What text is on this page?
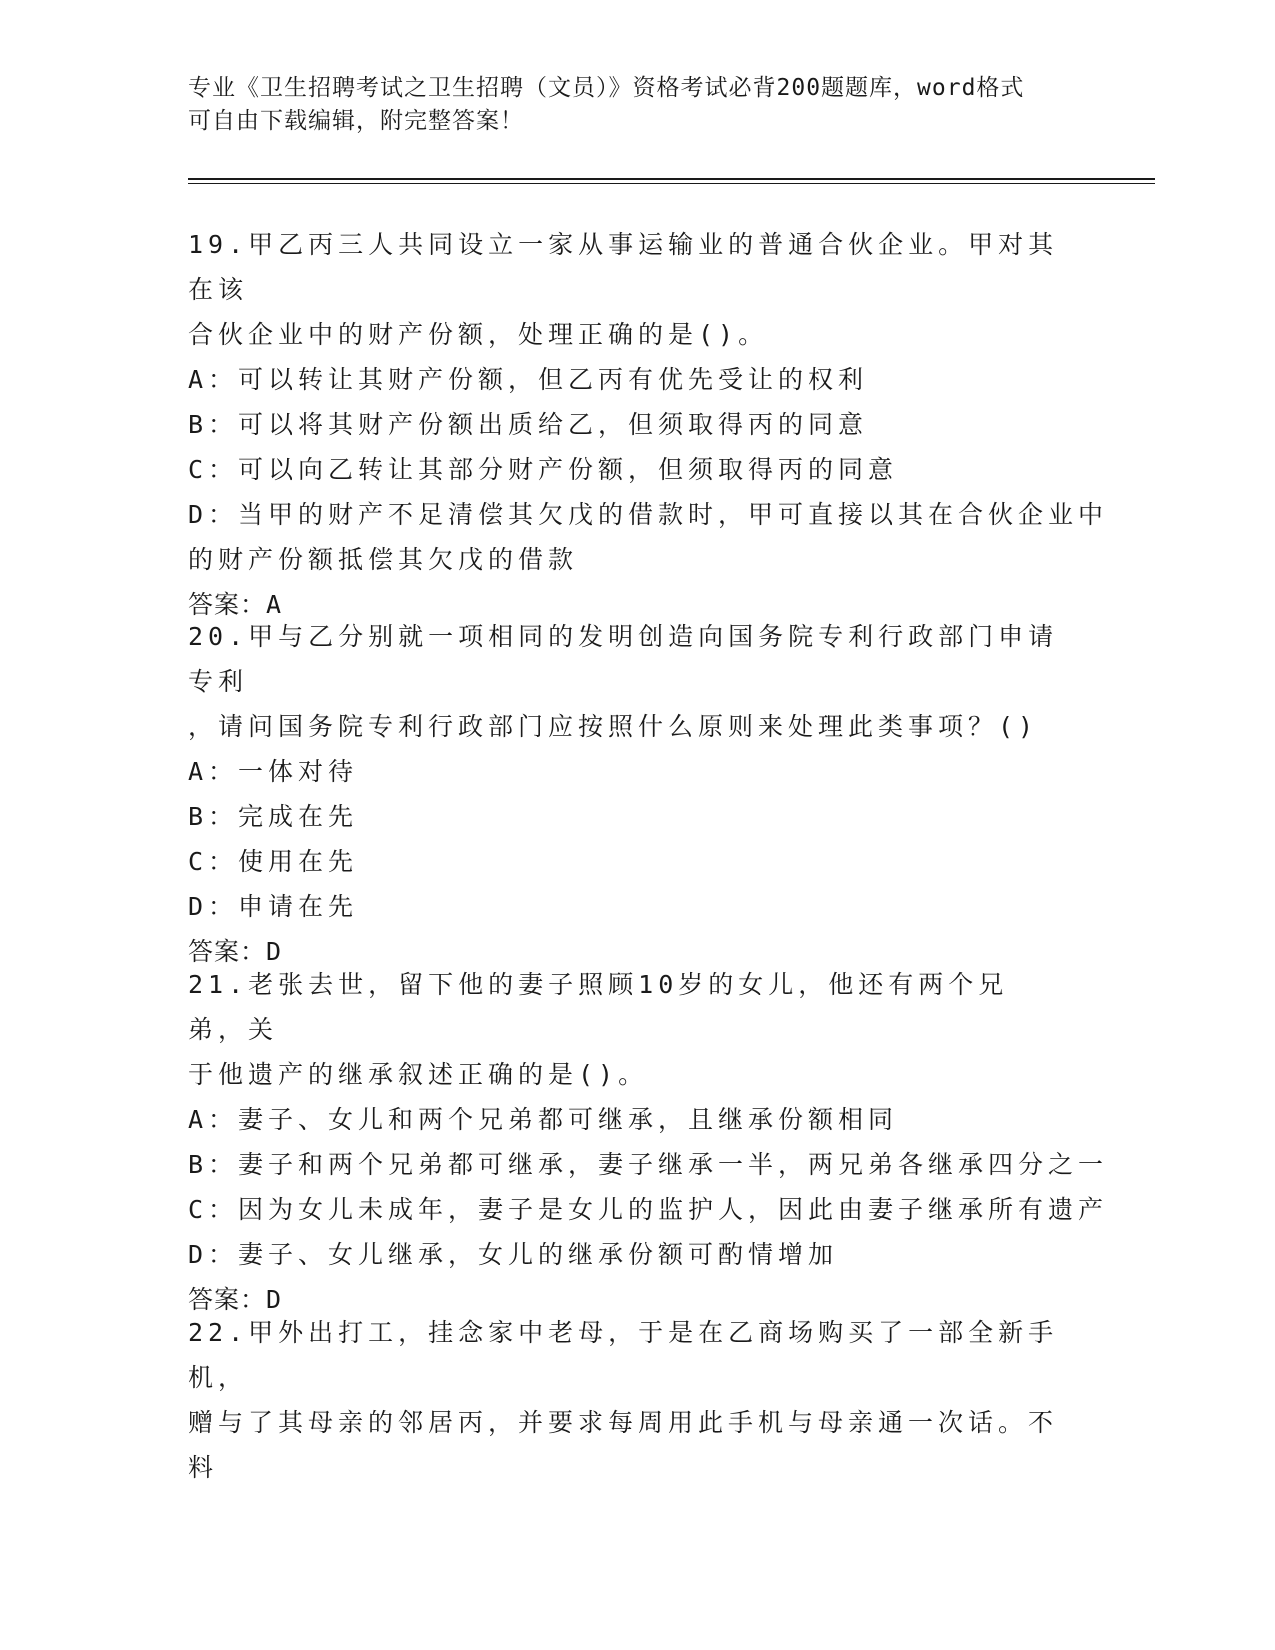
专业《卫生招聘考试之卫生招聘（文员）》资格考试必背200题题库，word格式
可自由下载编辑，附完整答案！
19.甲乙丙三人共同设立一家从事运输业的普通合伙企业。甲对其在该
合伙企业中的财产份额，处理正确的是()。
A：可以转让其财产份额，但乙丙有优先受让的权利
B：可以将其财产份额出质给乙，但须取得丙的同意
C：可以向乙转让其部分财产份额，但须取得丙的同意
D：当甲的财产不足清偿其欠戊的借款时，甲可直接以其在合伙企业中
的财产份额抵偿其欠戊的借款
答案：A
20.甲与乙分别就一项相同的发明创造向国务院专利行政部门申请专利
，请问国务院专利行政部门应按照什么原则来处理此类事项？()
A：一体对待
B：完成在先
C：使用在先
D：申请在先
答案：D
21.老张去世，留下他的妻子照顾10岁的女儿，他还有两个兄弟，关
于他遗产的继承叙述正确的是()。
A：妻子、女儿和两个兄弟都可继承，且继承份额相同
B：妻子和两个兄弟都可继承，妻子继承一半，两兄弟各继承四分之一
C：因为女儿未成年，妻子是女儿的监护人，因此由妻子继承所有遗产
D：妻子、女儿继承，女儿的继承份额可酌情增加
答案：D
22.甲外出打工，挂念家中老母，于是在乙商场购买了一部全新手机，
赠与了其母亲的邻居丙，并要求每周用此手机与母亲通一次话。不料
